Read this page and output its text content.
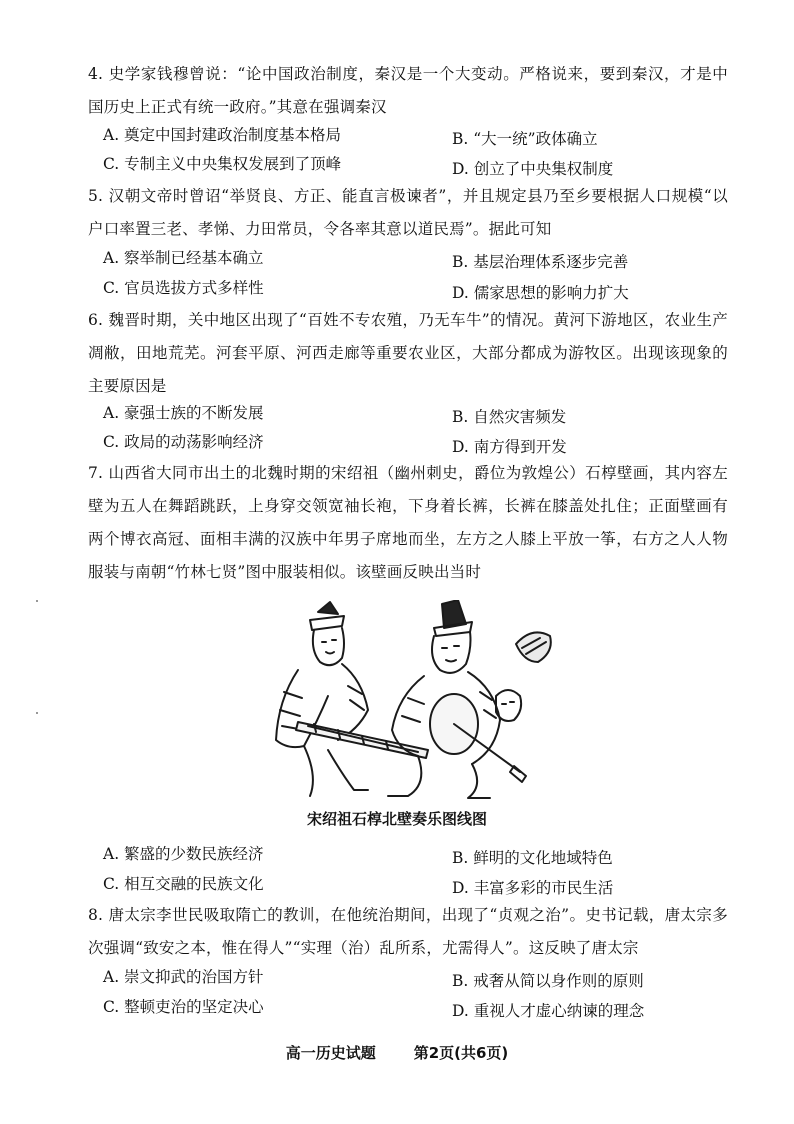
4. 史学家钱穆曾说：“论中国政治制度，秦汉是一个大变动。严格说来，要到秦汉，才是中国历史上正式有统一政府。”其意在强调秦汉
A. 奠定中国封建政治制度基本格局	B. “大一统”政体确立
C. 专制主义中央集权发展到了顶峰	D. 创立了中央集权制度
5. 汉朝文帝时曾诏“举贤良、方正、能直言极谏者”，并且规定县乃至乡要根据人口规模“以户口率置三老、孝悌、力田常员，令各率其意以道民焉”。据此可知
A. 察举制已经基本确立	B. 基层治理体系逐步完善
C. 官员选拔方式多样性	D. 儒家思想的影响力扩大
6. 魏晋时期，关中地区出现了“百姓不专农殖，乃无车牛”的情况。黄河下游地区，农业生产凋敝，田地荒芜。河套平原、河西走廊等重要农业区，大部分都成为游牧区。出现该现象的主要原因是
A. 豪强士族的不断发展	B. 自然灾害频发
C. 政局的动荡影响经济	D. 南方得到开发
7. 山西省大同市出土的北魏时期的宋绍祖（幽州刺史，爵位为敦煌公）石椁壁画，其内容左壁为五人在舞蹈跳跃，上身穿交领宽袖长袍，下身着长裤，长裤在膝盖处扎住；正面壁画有两个博衣高冠、面相丰满的汉族中年男子席地而坐，左方之人膝上平放一筝，右方之人人物服装与南朝“竹林七贤”图中服装相似。该壁画反映出当时
宋绍祖石椁北壁奏乐图线图
A. 繁盛的少数民族经济	B. 鲜明的文化地域特色
C. 相互交融的民族文化	D. 丰富多彩的市民生活
8. 唐太宗李世民吸取隋亡的教训，在他统治期间，出现了“贞观之治”。史书记载，唐太宗多次强调“致安之本，惟在得人”“实理（治）乱所系，尤需得人”。这反映了唐太宗
A. 崇文抑武的治国方针	B. 戒奢从简以身作则的原则
C. 整顿吏治的坚定决心	D. 重视人才虚心纳谏的理念
高一历史试题	第2页(共6页)
